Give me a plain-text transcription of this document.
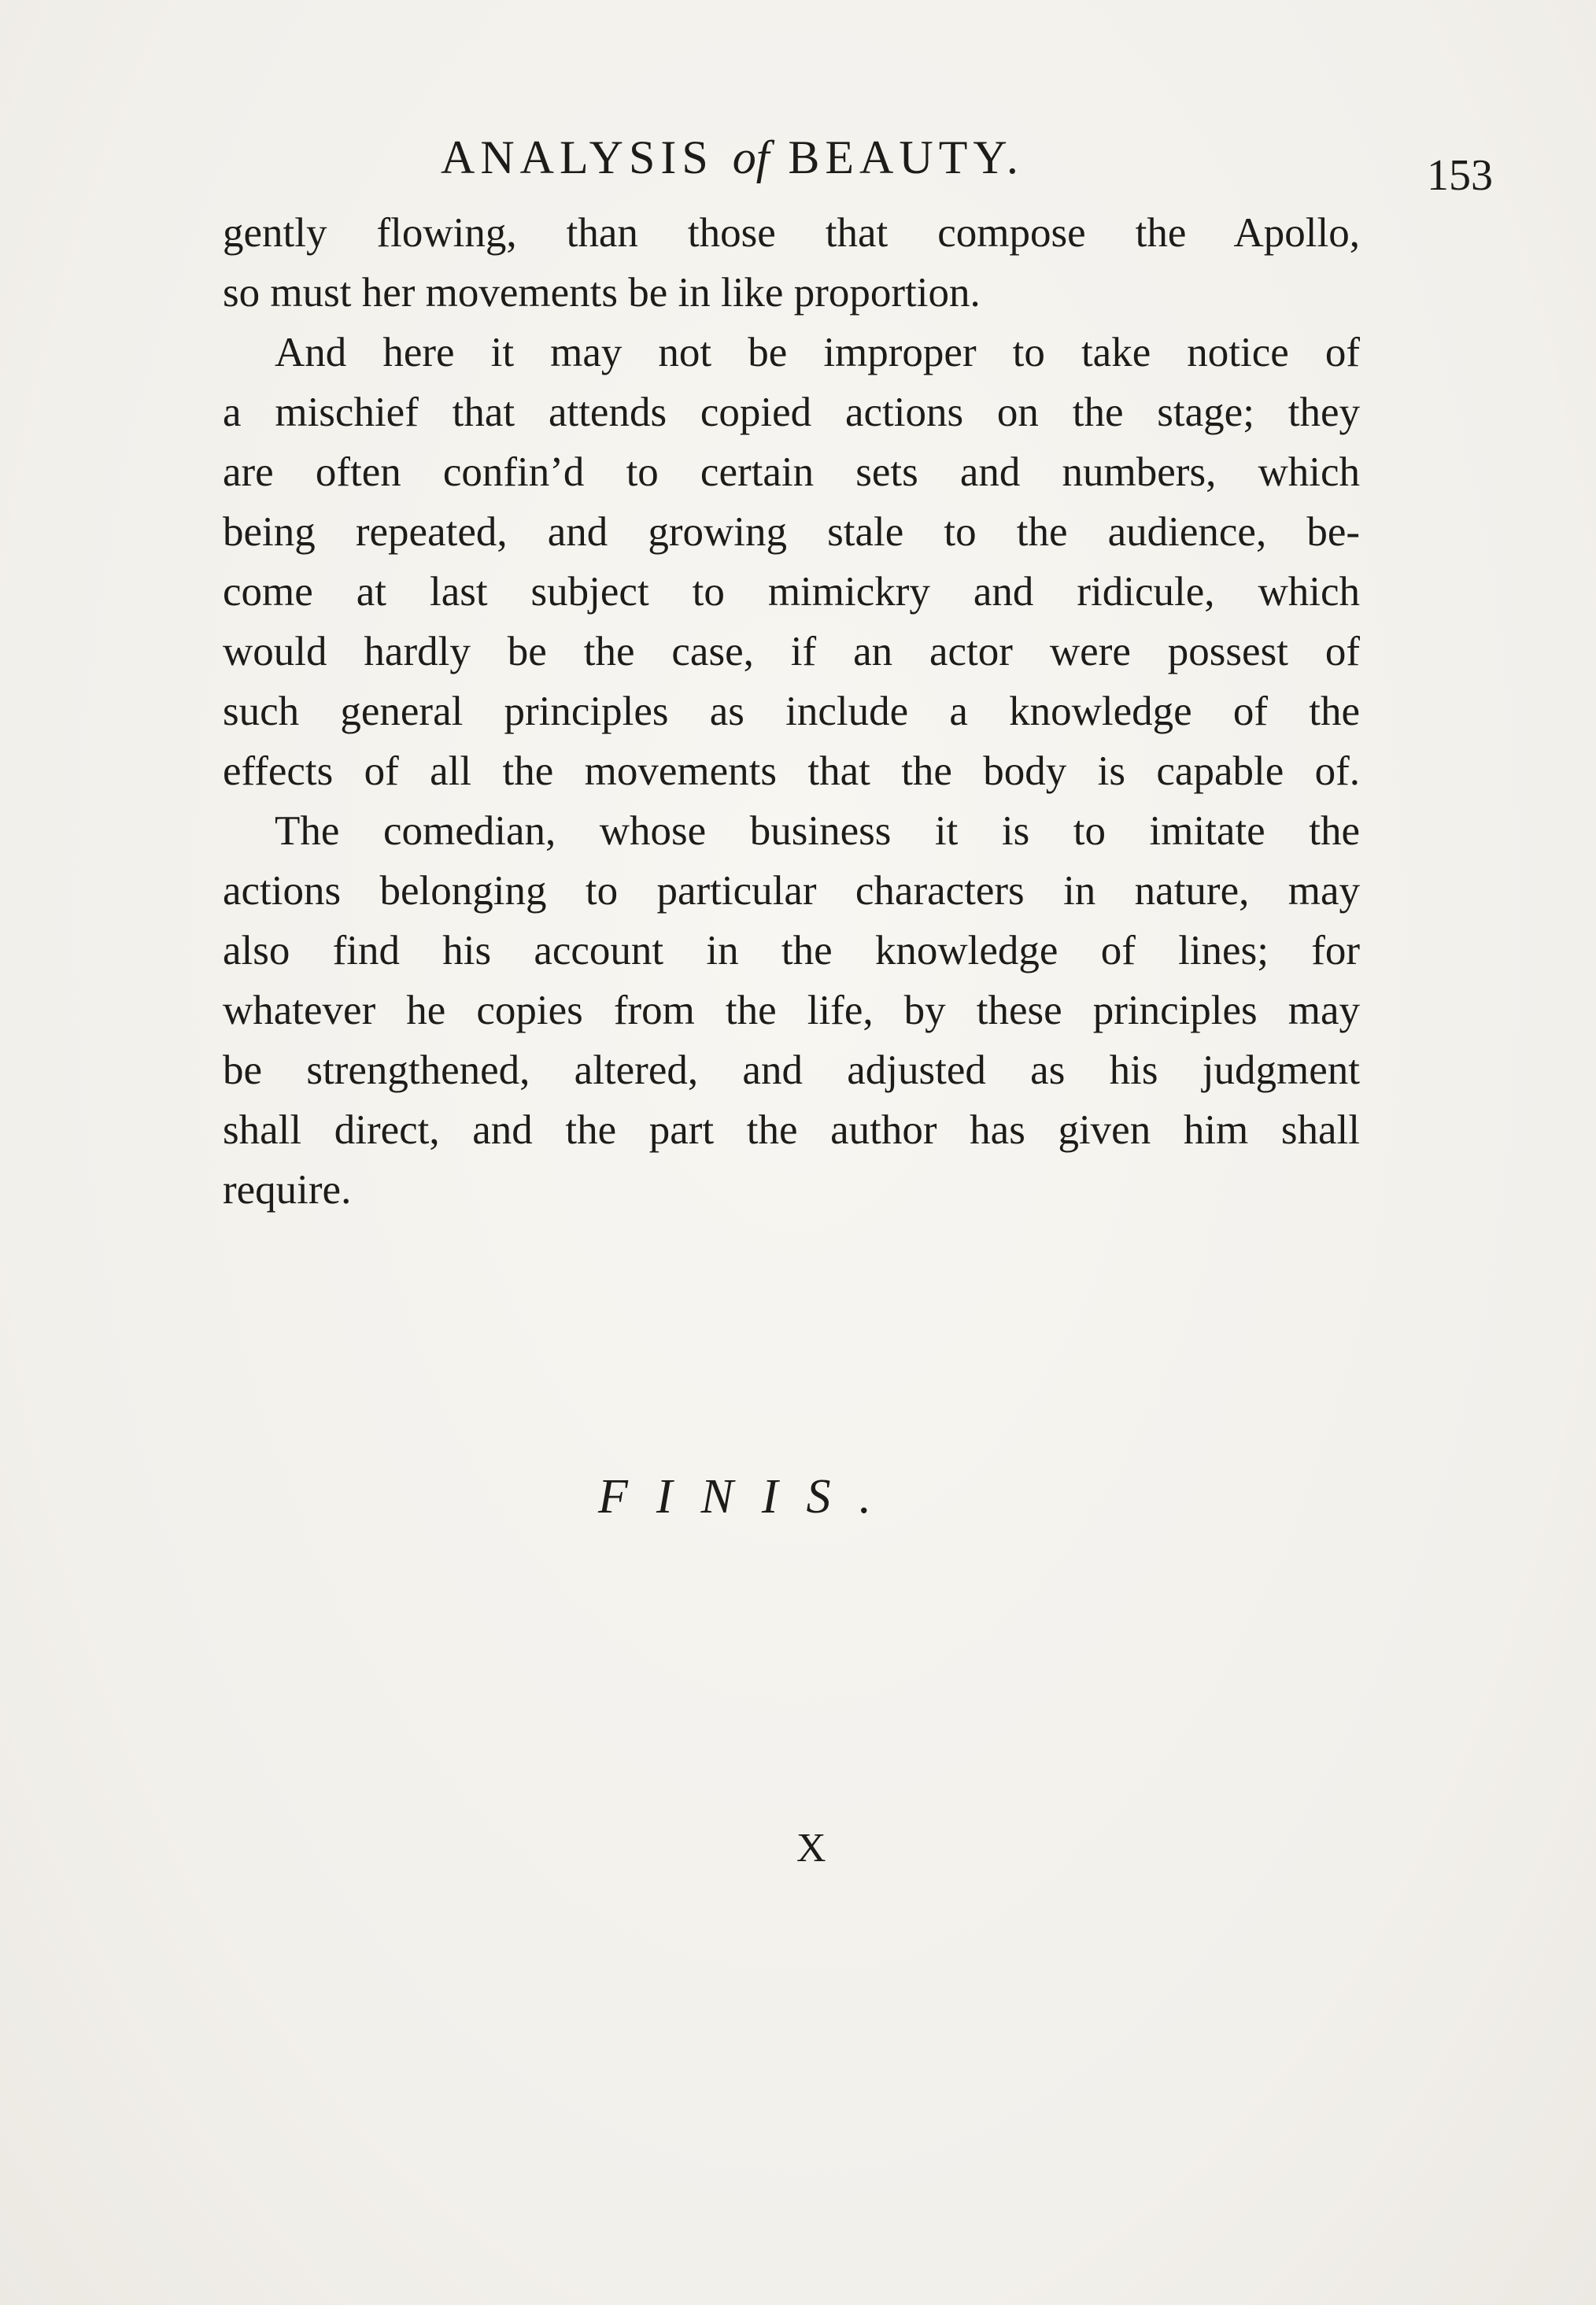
ANALYSIS of BEAUTY.	153
gently flowing, than those that compose the Apollo,
so must her movements be in like proportion.
And here it may not be improper to take notice of
a mischief that attends copied actions on the stage; they
are often confin’d to certain sets and numbers, which
being repeated, and growing stale to the audience, be-
come at last subject to mimickry and ridicule, which
would hardly be the case, if an actor were possest of
such general principles as include a knowledge of the
effects of all the movements that the body is capable of.
The comedian, whose business it is to imitate the
actions belonging to particular characters in nature, may
also find his account in the knowledge of lines; for
whatever he copies from the life, by these principles may
be strengthened, altered, and adjusted as his judgment
shall direct, and the part the author has given him shall
require.
FINIS.
X
